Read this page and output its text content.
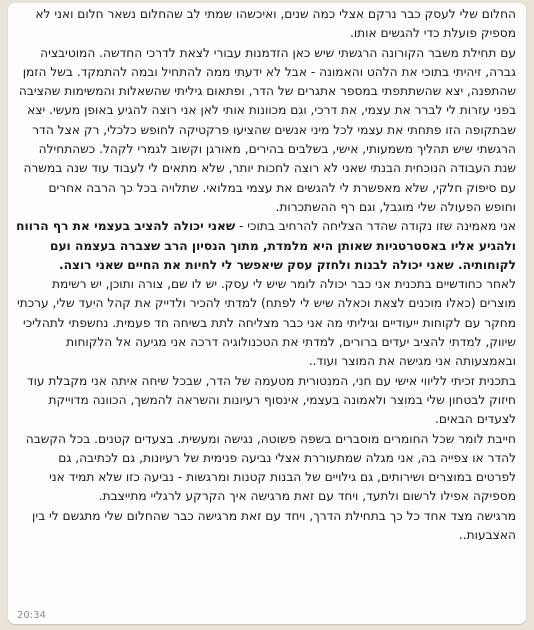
החלום שלי לעסק כבר נרקם אצלי כמה שנים, ואיכשהו שמתי לב שהחלום נשאר חלום ואני לא מספיק פועלת כדי להגשים אותו.

עם תחילת משבר הקורונה הרגשתי שיש כאן הזדמנות עבורי לצאת לדרכי החדשה. המוטיבציה גברה, זיהיתי בתוכי את הלהט והאמונה - אבל לא ידעתי ממה להתחיל ובמה להתמקד. בשל הזמן שהתפנה, יצא שהשתתפתי במספר אתגרים של הדר, ופתאום גיליתי שהשאלות והמשימות שהציבה בפני עזרות לי לברר את עצמי, את דרכי, וגם מכוונות אותי לאן אני רוצה להגיע באופן מעשי. יצא שבתקופה הזו פתחתי את עצמי לכל מיני אנשים שהציעו פרקטיקה לחופש כלכלי, רק אצל הדר הרגשתי שיש תהליך משמעותי, אישי, בשלבים בהירים, מאורגן וקשוב לגמרי לקהל. כשהתחילה שנת העבודה הנוכחית הבנתי שאני לא רוצה לחכות יותר, שלא מתאים לי לעבוד עוד שנה במשרה עם סיפוק חלקי, שלא מאפשרת לי להגשים את עצמי במלואי. שתלויה בכל כך הרבה אחרים וחופש הפעולה שלי מוגבל, וגם רף ההשתכרות.

אני מאמינה שזו נקודה שהדר הצליחה להרחיב בתוכי - שאני יכולה להציב בעצמי את רף הרווח ולהגיע אליו באסטרטגיות שאותן היא מלמדת, מתוך הנסיון הרב שצברה בעצמה ועם לקוחותיה. שאני יכולה לבנות ולחזק עסק שיאפשר לי לחיות את החיים שאני רוצה.

לאחר כחודשיים בתכנית אני כבר יכולה לומר שיש לי עסק. יש לו שם, צורה ותוכן, יש רשימת מוצרים (כאלו מוכנים לצאת וכאלה שיש לי לפתח) למדתי להכיר ולדייק את קהל היעד שלי, ערכתי מחקר עם לקוחות ייעודיים וגיליתי מה אני כבר מצליחה לתת בשיחה חד פעמית. נחשפתי לתהליכי שיווק, למדתי להציב יעדים ברורים, למדתי את הטכנולוגיה דרכה אני מגיעה אל הלקוחות ובאמצעותה אני מגישה את המוצר ועוד..

בתכנית זכיתי לליווי אישי עם חני, המנטורית מטעמה של הדר, שבכל שיחה איתה אני מקבלת עוד חיזוק לבטחון שלי במוצר ולאמונה בעצמי, אינסוף רעיונות והשראה להמשך, הכוונה מדוייקת לצעדים הבאים.

חייבת לומר שכל החומרים מוסברים בשפה פשוטה, נגישה ומעשית. בצעדים קטנים. בכל הקשבה להדר או צפייה בה, אני מגלה שמתעוררת אצלי נביעה פנימית של רעיונות, גם לכתיבה, גם לפרטים במוצרים ושירותים, גם גילויים של הבנות קטנות ומרגשות - נביעה כזו שלא תמיד אני מספיקה אפילו לרשום ולתעד, ויחד עם זאת מרגישה איך הקרקע לרגליי מתייצבת.

מרגישה מצד אחד כל כך בתחילת הדרך, ויחד עם זאת מרגישה כבר שהחלום שלי מתגשם לי בין האצבעות..

20:34
